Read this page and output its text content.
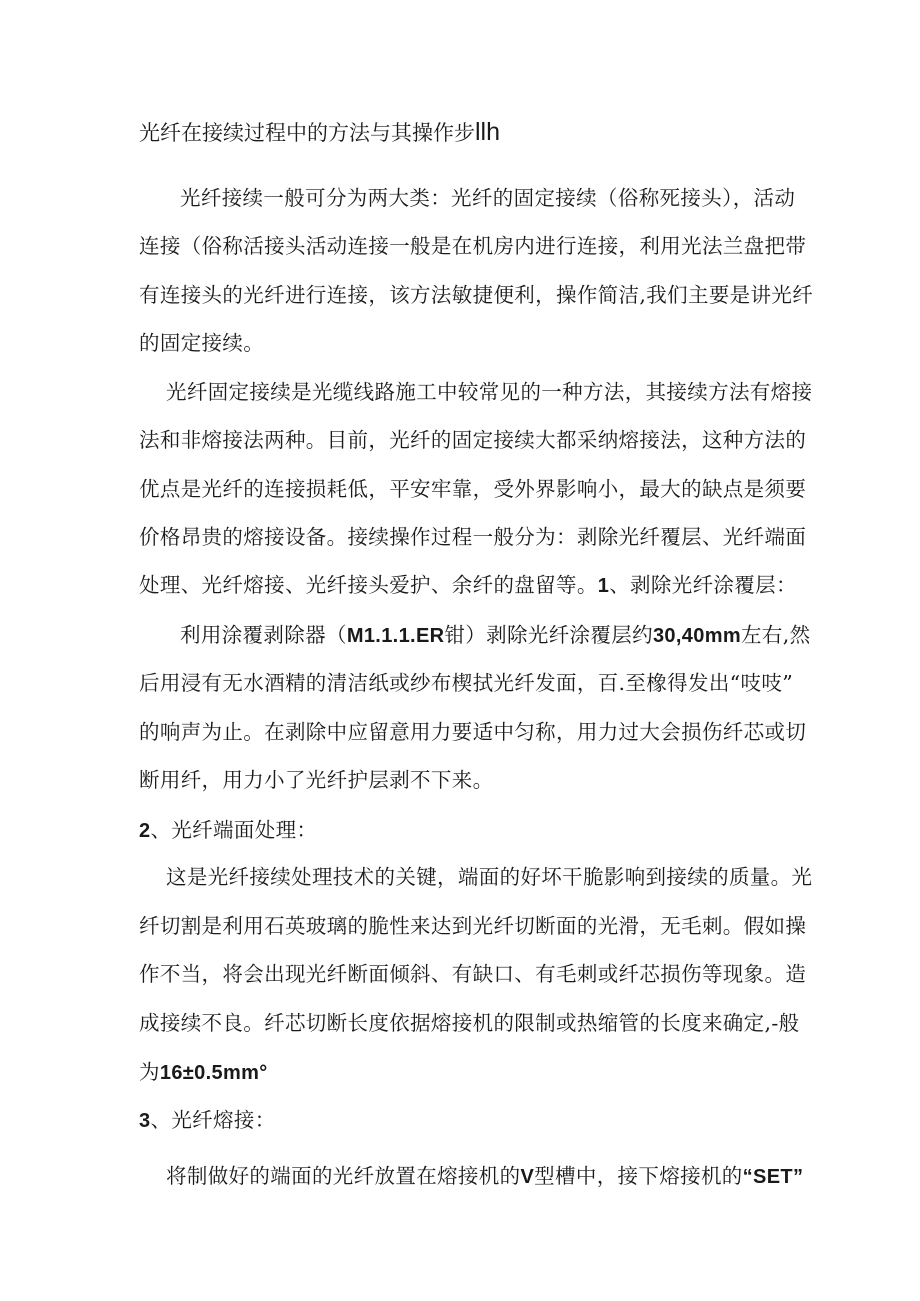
光纤在接续过程中的方法与其操作步llh
光纤接续一般可分为两大类：光纤的固定接续（俗称死接头），活动
连接（俗称活接头活动连接一般是在机房内进行连接，利用光法兰盘把带
有连接头的光纤进行连接，该方法敏捷便利，操作简洁,我们主要是讲光纤
的固定接续。
光纤固定接续是光缆线路施工中较常见的一种方法，其接续方法有熔接
法和非熔接法两种。目前，光纤的固定接续大都采纳熔接法，这种方法的
优点是光纤的连接损耗低，平安牢靠，受外界影响小，最大的缺点是须要
价格昂贵的熔接设备。接续操作过程一般分为：剥除光纤覆层、光纤端面
处理、光纤熔接、光纤接头爱护、余纤的盘留等。1、剥除光纤涂覆层：
利用涂覆剥除器（M1.1.1.ER钳）剥除光纤涂覆层约30,40mm左右,然
后用浸有无水酒精的清洁纸或纱布楔拭光纤发面，百.至橡得发出“吱吱”
的响声为止。在剥除中应留意用力要适中匀称，用力过大会损伤纤芯或切
断用纤，用力小了光纤护层剥不下来。
2、光纤端面处理：
这是光纤接续处理技术的关键，端面的好坏干脆影响到接续的质量。光
纤切割是利用石英玻璃的脆性来达到光纤切断面的光滑，无毛刺。假如操
作不当，将会出现光纤断面倾斜、有缺口、有毛刺或纤芯损伤等现象。造
成接续不良。纤芯切断长度依据熔接机的限制或热缩管的长度来确定,-般
为16±0.5mm°
3、光纤熔接：
将制做好的端面的光纤放置在熔接机的V型槽中，接下熔接机的“SET”
